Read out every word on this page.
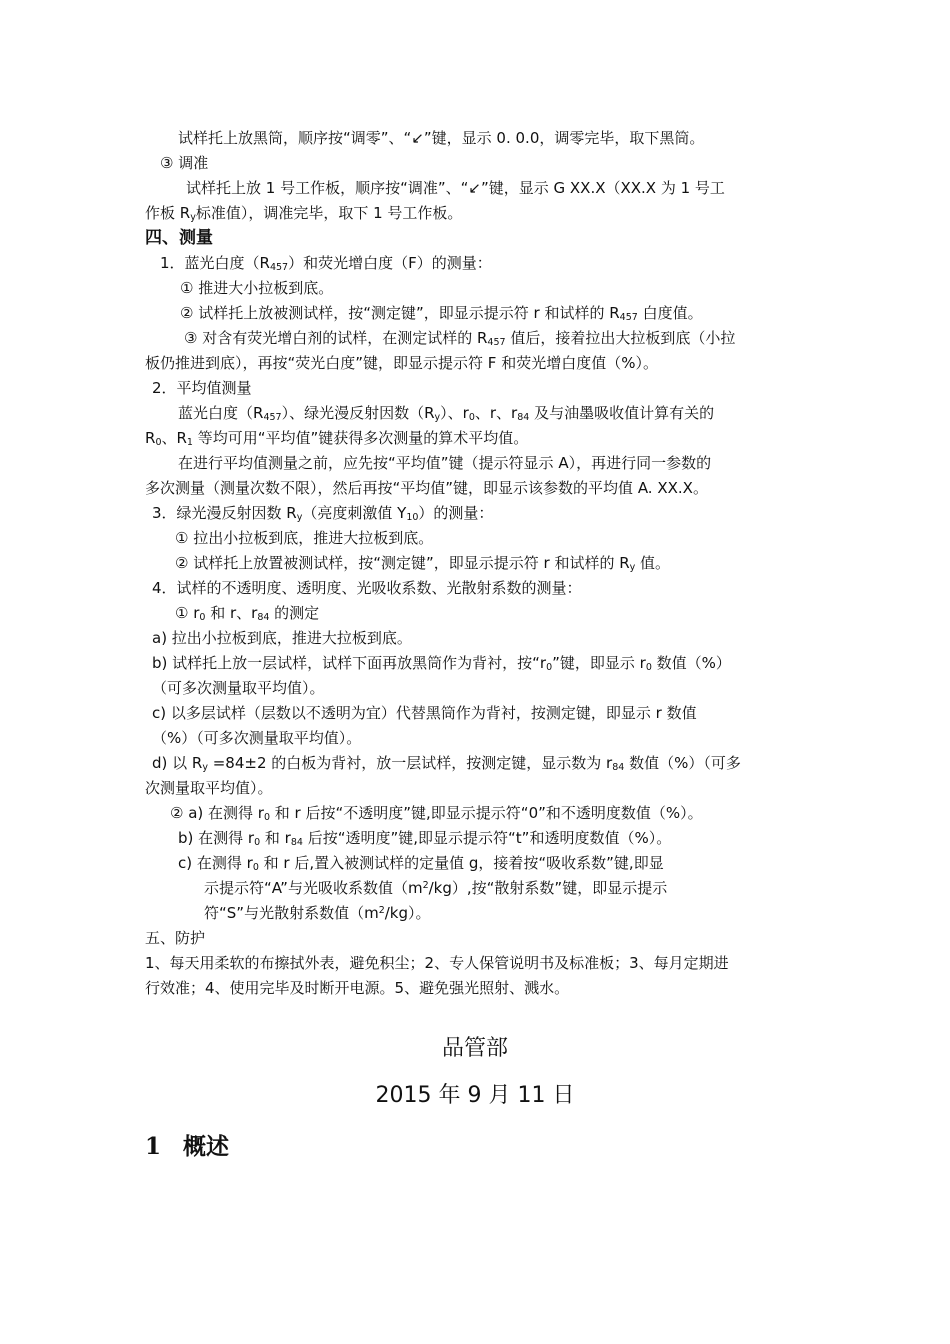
试样托上放黑筒，顺序按“调零”、“↙”键，显示 0. 0.0，调零完毕，取下黑筒。
③ 调准
试样托上放 1 号工作板，顺序按“调准”、“↙”键，显示 G XX.X（XX.X 为 1 号工
作板 $R_y$标准值），调准完毕，取下 1 号工作板。
四、测量
1．蓝光白度$(R_{457})$和荧光增白度（F）的测量：
① 推进大小拉板到底。
② 试样托上放被测试样，按“测定键”，即显示提示符 r 和试样的 $R_{457}$ 白度值。
③ 对含有荧光增白剂的试样，在测定试样的 $R_{457}$ 值后，接着拉出大拉板到底（小拉
板仍推进到底），再按“荧光白度”键，即显示提示符 F 和荧光增白度值（%）。
2．平均值测量
蓝光白度$(R_{457})$、绿光漫反射因数$(R_y)$、$r_0$、r、$r_{84}$ 及与油墨吸收值计算有关的
$R_0$、$R_1$ 等均可用“平均值”键获得多次测量的算术平均值。
在进行平均值测量之前，应先按“平均值”键（提示符显示 A），再进行同一参数的
多次测量（测量次数不限），然后再按“平均值”键，即显示该参数的平均值 A. XX.X。
3．绿光漫反射因数 $R_y$（亮度刺激值 $Y_{10}$）的测量：
① 拉出小拉板到底，推进大拉板到底。
② 试样托上放置被测试样，按“测定键”，即显示提示符 r 和试样的 $R_y$ 值。
4．试样的不透明度、透明度、光吸收系数、光散射系数的测量：
① $r_0$ 和 r、$r_{84}$ 的测定
a) 拉出小拉板到底，推进大拉板到底。
b) 试样托上放一层试样，试样下面再放黑筒作为背衬，按“$r_0$”键，即显示 $r_0$ 数值（%）
（可多次测量取平均值）。
c) 以多层试样（层数以不透明为宜）代替黑筒作为背衬，按测定键，即显示 r 数值
（%）（可多次测量取平均值）。
d) 以 $R_y =84\pm 2$ 的白板为背衬，放一层试样，按测定键，显示数为 $r_{84}$ 数值（%）（可多
次测量取平均值）。
② a) 在测得 $r_0$ 和 r 后按“不透明度”键,即显示提示符“0”和不透明度数值（%）。
b) 在测得 $r_0$ 和 $r_{84}$ 后按“透明度”键,即显示提示符“t”和透明度数值（%）。
c) 在测得 $r_0$ 和 r 后,置入被测试样的定量值 g，接着按“吸收系数”键,即显
示提示符“A”与光吸收系数值$(m^2/kg)$,按“散射系数”键，即显示提示
符“S”与光散射系数值$(m^2/kg)$。
五、防护
1、每天用柔软的布擦拭外表，避免积尘；2、专人保管说明书及标准板；3、每月定期进
行效准；4、使用完毕及时断开电源。5、避免强光照射、溅水。
品管部
2015 年 9 月 11 日
1 概述
